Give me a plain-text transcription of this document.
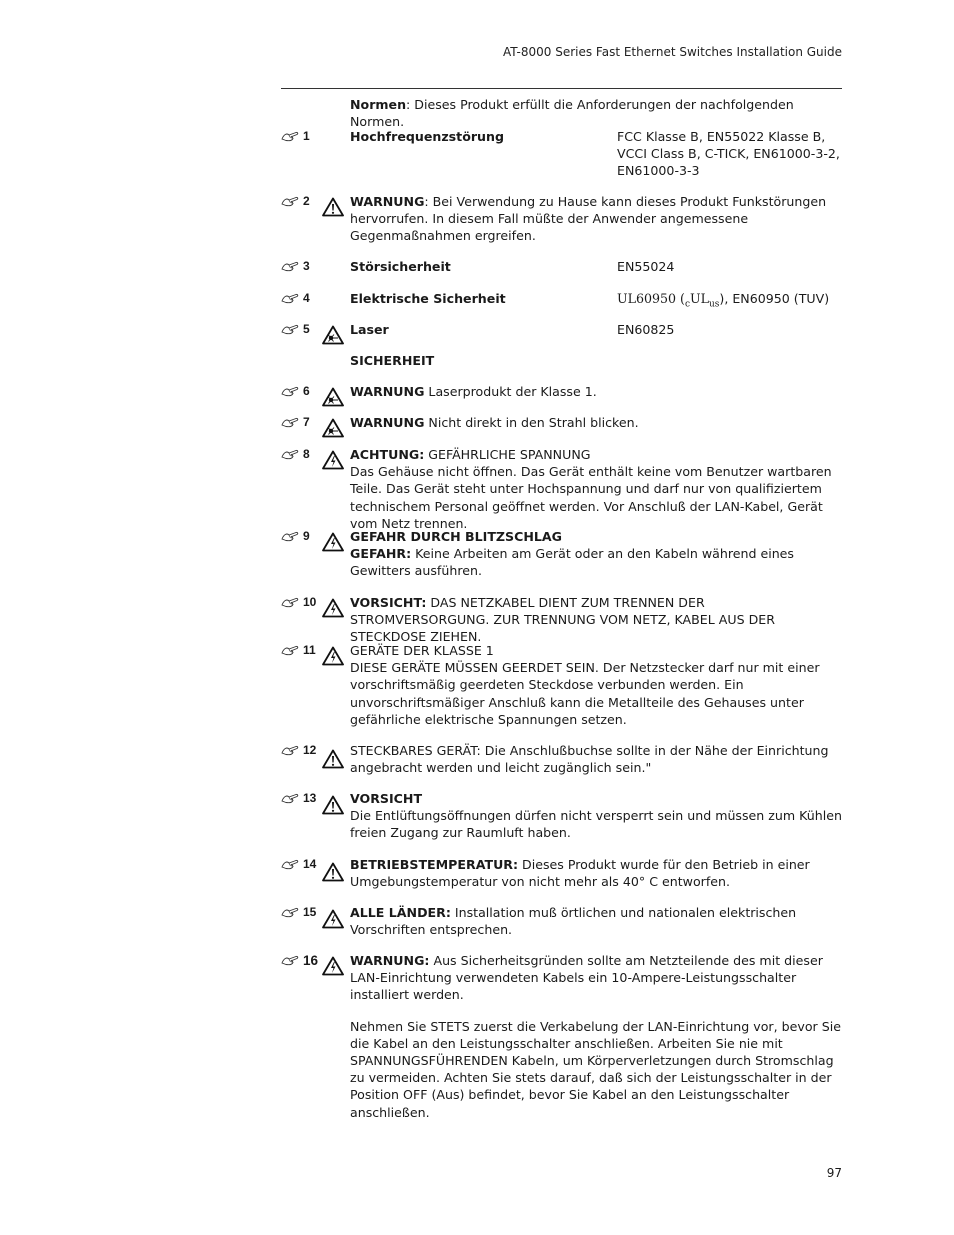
AT-8000 Series Fast Ethernet Switches Installation Guide
Normen: Dieses Produkt erfüllt die Anforderungen der nachfolgenden Normen.
1	Hochfrequenzstörung	FCC Klasse B, EN55022 Klasse B,
VCCI Class B, C-TICK, EN61000-3-2,
EN61000-3-3
2	WARNUNG: Bei Verwendung zu Hause kann dieses Produkt Funkstörungen hervorrufen. In diesem Fall müßte der Anwender angemessene Gegenmaßnahmen ergreifen.
3	Störsicherheit	EN55024
4	Elektrische Sicherheit	UL60950 $(_cUL_{us})$, EN60950 (TUV)
5	Laser	EN60825
SICHERHEIT
6	WARNUNG Laserprodukt der Klasse 1.
7	WARNUNG Nicht direkt in den Strahl blicken.
8	ACHTUNG: GEFÄHRLICHE SPANNUNG
Das Gehäuse nicht öffnen. Das Gerät enthält keine vom Benutzer wartbaren Teile. Das Gerät steht unter Hochspannung und darf nur von qualifiziertem technischem Personal geöffnet werden. Vor Anschluß der LAN-Kabel, Gerät vom Netz trennen.
9	GEFAHR DURCH BLITZSCHLAG
GEFAHR: Keine Arbeiten am Gerät oder an den Kabeln während eines Gewitters ausführen.
10	VORSICHT: DAS NETZKABEL DIENT ZUM TRENNEN DER STROMVERSORGUNG. ZUR TRENNUNG VOM NETZ, KABEL AUS DER STECKDOSE ZIEHEN.
11	GERÄTE DER KLASSE 1
DIESE GERÄTE MÜSSEN GEERDET SEIN. Der Netzstecker darf nur mit einer vorschriftsmäßig geerdeten Steckdose verbunden werden. Ein unvorschriftsmäßiger Anschluß kann die Metallteile des Gehauses unter gefährliche elektrische Spannungen setzen.
12	STECKBARES GERÄT: Die Anschlußbuchse sollte in der Nähe der Einrichtung angebracht werden und leicht zugänglich sein."
13	VORSICHT
Die Entlüftungsöffnungen dürfen nicht versperrt sein und müssen zum Kühlen freien Zugang zur Raumluft haben.
14	BETRIEBSTEMPERATUR: Dieses Produkt wurde für den Betrieb in einer Umgebungstemperatur von nicht mehr als 40° C entworfen.
15	ALLE LÄNDER: Installation muß örtlichen und nationalen elektrischen Vorschriften entsprechen.
16	WARNUNG: Aus Sicherheitsgründen sollte am Netzteilende des mit dieser LAN-Einrichtung verwendeten Kabels ein 10-Ampere-Leistungsschalter installiert werden.
Nehmen Sie STETS zuerst die Verkabelung der LAN-Einrichtung vor, bevor Sie die Kabel an den Leistungsschalter anschließen. Arbeiten Sie nie mit SPANNUNGSFÜHRENDEN Kabeln, um Körperverletzungen durch Stromschlag zu vermeiden. Achten Sie stets darauf, daß sich der Leistungsschalter in der Position OFF (Aus) befindet, bevor Sie Kabel an den Leistungsschalter anschließen.
97
